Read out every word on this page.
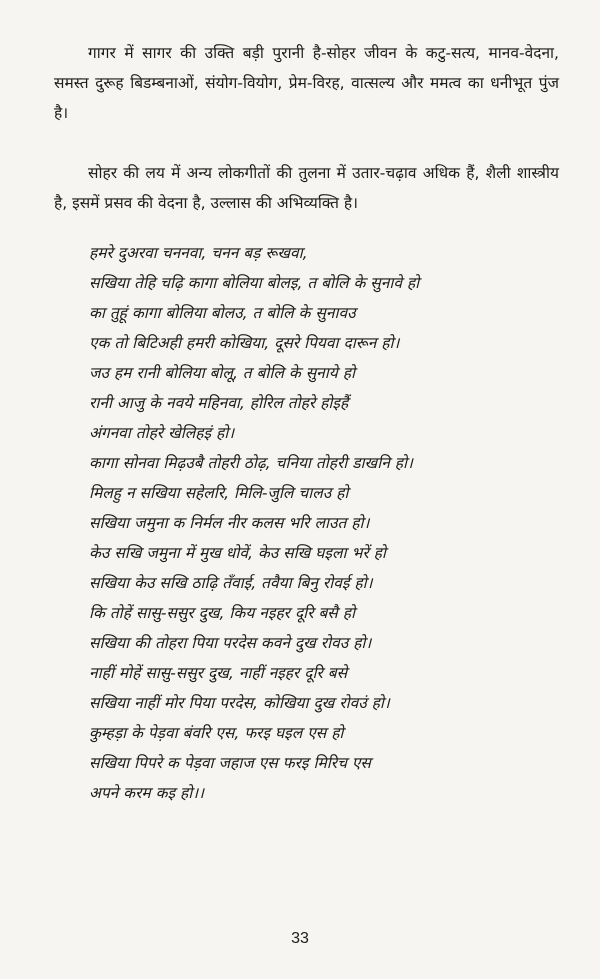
गागर में सागर की उक्ति बड़ी पुरानी है-सोहर जीवन के कटु-सत्य, मानव-वेदना, समस्त दुरूह बिडम्बनाओं, संयोग-वियोग, प्रेम-विरह, वात्सल्य और ममत्व का धनीभूत पुंज है।

सोहर की लय में अन्य लोकगीतों की तुलना में उतार-चढ़ाव अधिक हैं, शैली शास्त्रीय है, इसमें प्रसव की वेदना है, उल्लास की अभिव्यक्ति है।

हमरे दुअरवा चननवा, चनन बड़ रूखवा,
सखिया तेहि चढ़ि कागा बोलिया बोलइ, त बोलि के सुनावे हो
का तुहूं कागा बोलिया बोलउ, त बोलि के सुनावउ
एक तो बिटिअही हमरी कोखिया, दूसरे पियवा दारून हो।
जउ हम रानी बोलिया बोलू, त बोलि के सुनाये हो
रानी आजु के नवये महिनवा, होरिल तोहरे होइहैं
अंगनवा तोहरे खेलिहइं हो।
कागा सोनवा मिढ़उबै तोहरी ठोढ़, चनिया तोहरी डाखनि हो।
मिलहु न सखिया सहेलरि, मिलि-जुलि चालउ हो
सखिया जमुना क निर्मल नीर कलस भरि लाउत हो।
केउ सखि जमुना में मुख धोवें, केउ सखि घइला भरें हो
सखिया केउ सखि ठाढ़ि तँवाई, तवैया बिनु रोवई हो।
कि तोहें सासु-ससुर दुख, किय नइहर दूरि बसै हो
सखिया की तोहरा पिया परदेस कवने दुख रोवउ हो।
नाहीं मोहें सासु-ससुर दुख, नाहीं नइहर दूरि बसे
सखिया नाहीं मोर पिया परदेस, कोखिया दुख रोवउं हो।
कुम्हड़ा के पेड़वा बंवरि एस, फरइ घइल एस हो
सखिया पिपरे क पेड़वा जहाज एस फरइ मिरिच एस
अपने करम कइ हो।।
33
